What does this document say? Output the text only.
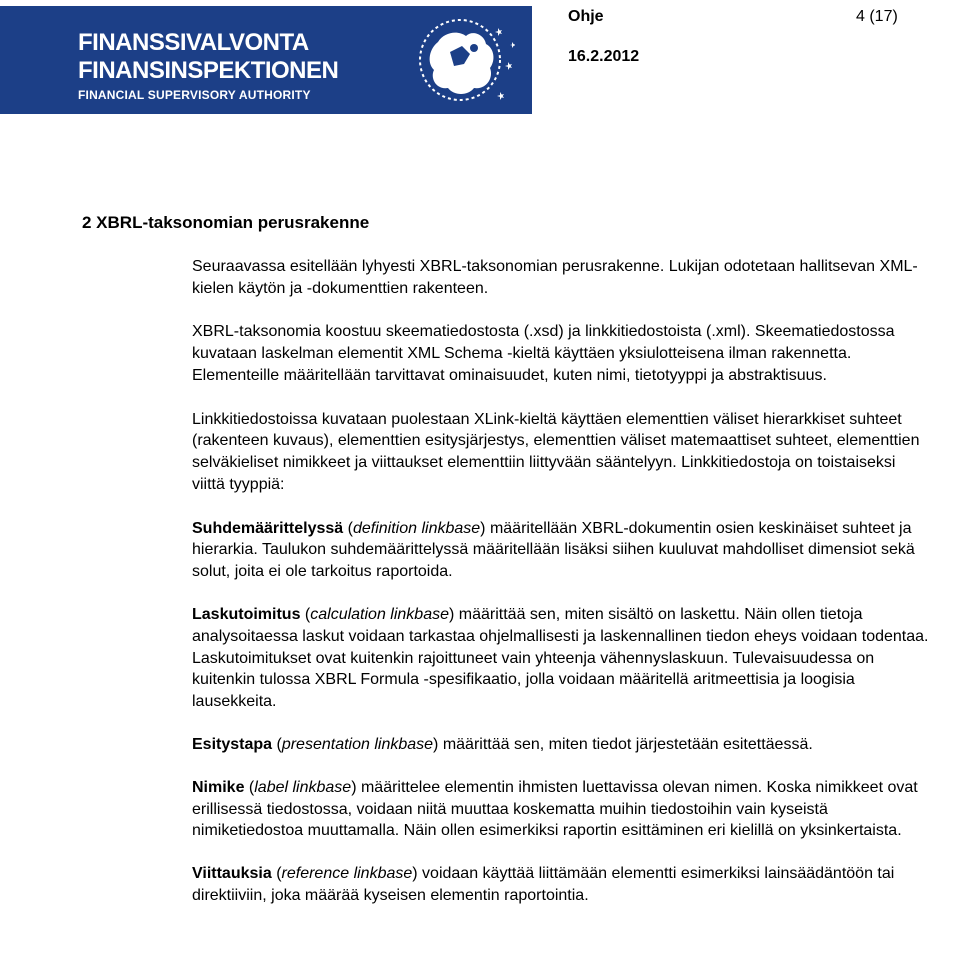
FINANSSIVALVONTA
FINANSINSPEKTIONEN
FINANCIAL SUPERVISORY AUTHORITY
Ohje	4 (17)
16.2.2012
2 XBRL-taksonomian perusrakenne

Seuraavassa esitellään lyhyesti XBRL-taksonomian perusrakenne. Lukijan odotetaan hallitsevan XML-kielen käytön ja -dokumenttien rakenteen.

XBRL-taksonomia koostuu skeematiedostosta (.xsd) ja linkkitiedostoista (.xml). Skeematiedostossa kuvataan laskelman elementit XML Schema -kieltä käyttäen yksiulotteisena ilman rakennetta. Elementeille määritellään tarvittavat ominaisuudet, kuten nimi, tietotyyppi ja abstraktisuus.

Linkkitiedostoissa kuvataan puolestaan XLink-kieltä käyttäen elementtien väliset hierarkkiset suhteet (rakenteen kuvaus), elementtien esitysjärjestys, elementtien väliset matemaattiset suhteet, elementtien selväkieliset nimikkeet ja viittaukset elementtiin liittyvään sääntelyyn. Linkkitiedostoja on toistaiseksi viittä tyyppiä:

Suhdemäärittelyssä (definition linkbase) määritellään XBRL-dokumentin osien keskinäiset suhteet ja hierarkia. Taulukon suhdemäärittelyssä määritellään lisäksi siihen kuuluvat mahdolliset dimensiot sekä solut, joita ei ole tarkoitus raportoida.

Laskutoimitus (calculation linkbase) määrittää sen, miten sisältö on laskettu. Näin ollen tietoja analysoitaessa laskut voidaan tarkastaa ohjelmallisesti ja laskennallinen tiedon eheys voidaan todentaa. Laskutoimitukset ovat kuitenkin rajoittuneet vain yhteenja vähennyslaskuun. Tulevaisuudessa on kuitenkin tulossa XBRL Formula -spesifikaatio, jolla voidaan määritellä aritmeettisia ja loogisia lausekkeita.

Esitystapa (presentation linkbase) määrittää sen, miten tiedot järjestetään esitettäessä.

Nimike (label linkbase) määrittelee elementin ihmisten luettavissa olevan nimen. Koska nimikkeet ovat erillisessä tiedostossa, voidaan niitä muuttaa koskematta muihin tiedostoihin vain kyseistä nimiketiedostoa muuttamalla. Näin ollen esimerkiksi raportin esittäminen eri kielillä on yksinkertaista.

Viittauksia (reference linkbase) voidaan käyttää liittämään elementti esimerkiksi lainsäädäntöön tai direktiiviin, joka määrää kyseisen elementin raportointia.
